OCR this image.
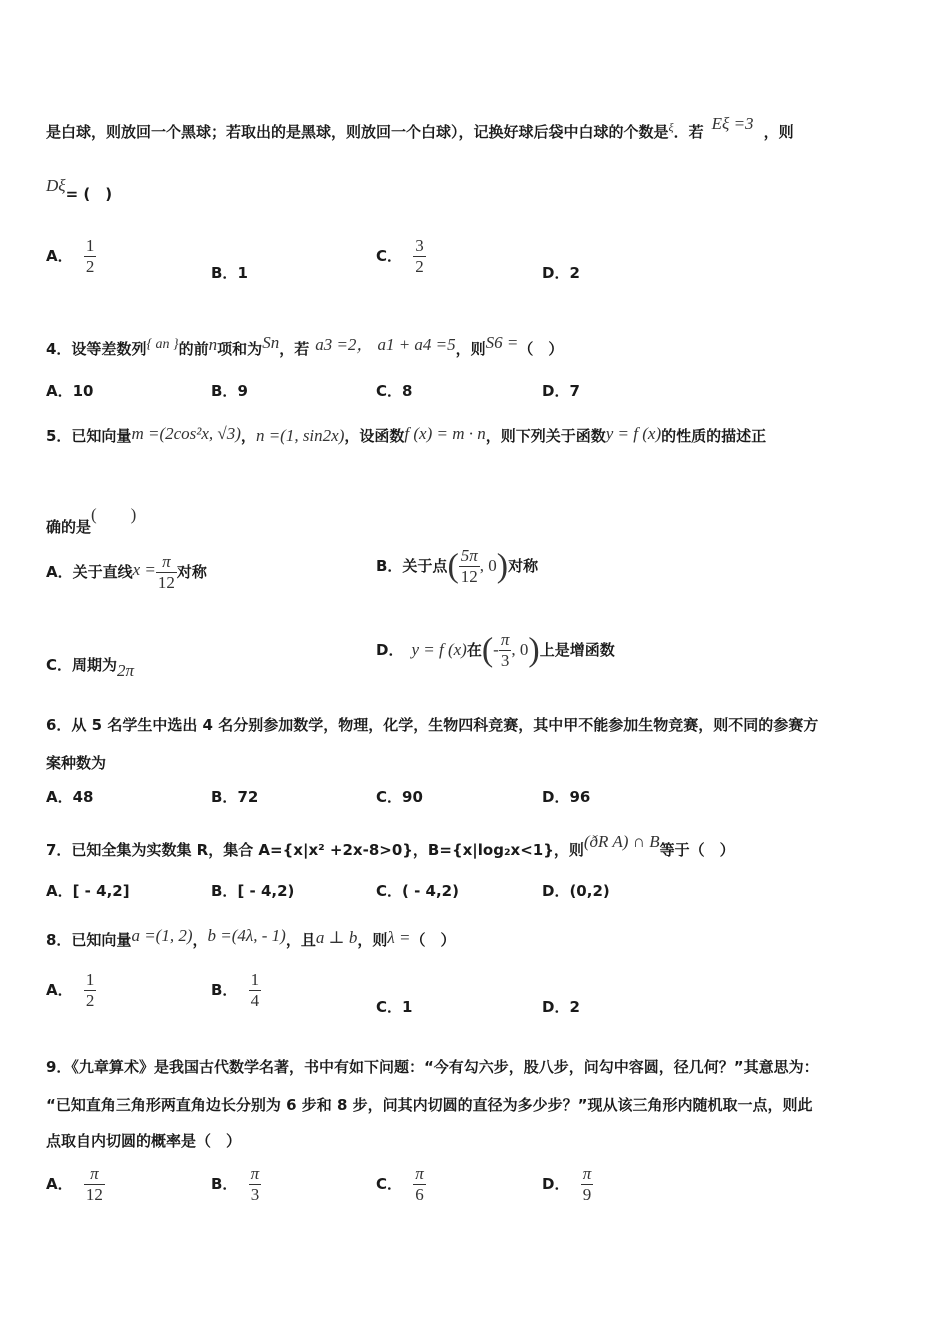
是白球，则放回一个黑球；若取出的是黑球，则放回一个白球），记换好球后袋中白球的个数是$^\xi$．若 Eξ =3 ，则
Dξ= (　)
A． $\frac{1}{2}$	B．1
C． $\frac{3}{2}$	D．2
4．设等差数列{ an }的前n项和为Sn，若 a3 =2， a1 + a4 =5，则S6 =（　）
A．10	B．9	C．8	D．7
5．已知向量m =(2cos²x, √3)，n =(1, sin2x)，设函数f (x) = m · n，则下列关于函数y = f (x)的性质的描述正
确的是(　　)
A．关于直线$x = \frac{\pi}{12}$ 对称	B．关于点( $\frac{5\pi}{12}$ , 0)对称
C．周期为2π
D． y = f (x)在(- $\frac{\pi}{3}$ , 0)上是增函数
6．从 5 名学生中选出 4 名分别参加数学，物理，化学，生物四科竞赛，其中甲不能参加生物竞赛，则不同的参赛方
案种数为
A．48	B．72	C．90	D．96
7．已知全集为实数集 R，集合 A={x|x² +2x-8>0}，B={x|log₂x<1}，则(ðR A) ∩ B等于（　）
A．[ - 4,2]	B．[ - 4,2)	C．( - 4,2)	D．(0,2)
8．已知向量a =(1, 2)，b =(4λ, - 1)，且a ⊥ b，则λ =（　）
A． $\frac{1}{2}$	B． $\frac{1}{4}$	C．1	D．2
9．《九章算术》是我国古代数学名著，书中有如下问题：“今有勾六步，股八步，问勾中容圆，径几何？”其意思为：
“已知直角三角形两直角边长分别为 6 步和 8 步，问其内切圆的直径为多少步？”现从该三角形内随机取一点，则此
点取自内切圆的概率是（　）
A． $\frac{\pi}{12}$	B． $\frac{\pi}{3}$	C． $\frac{\pi}{6}$	D． $\frac{\pi}{9}$
